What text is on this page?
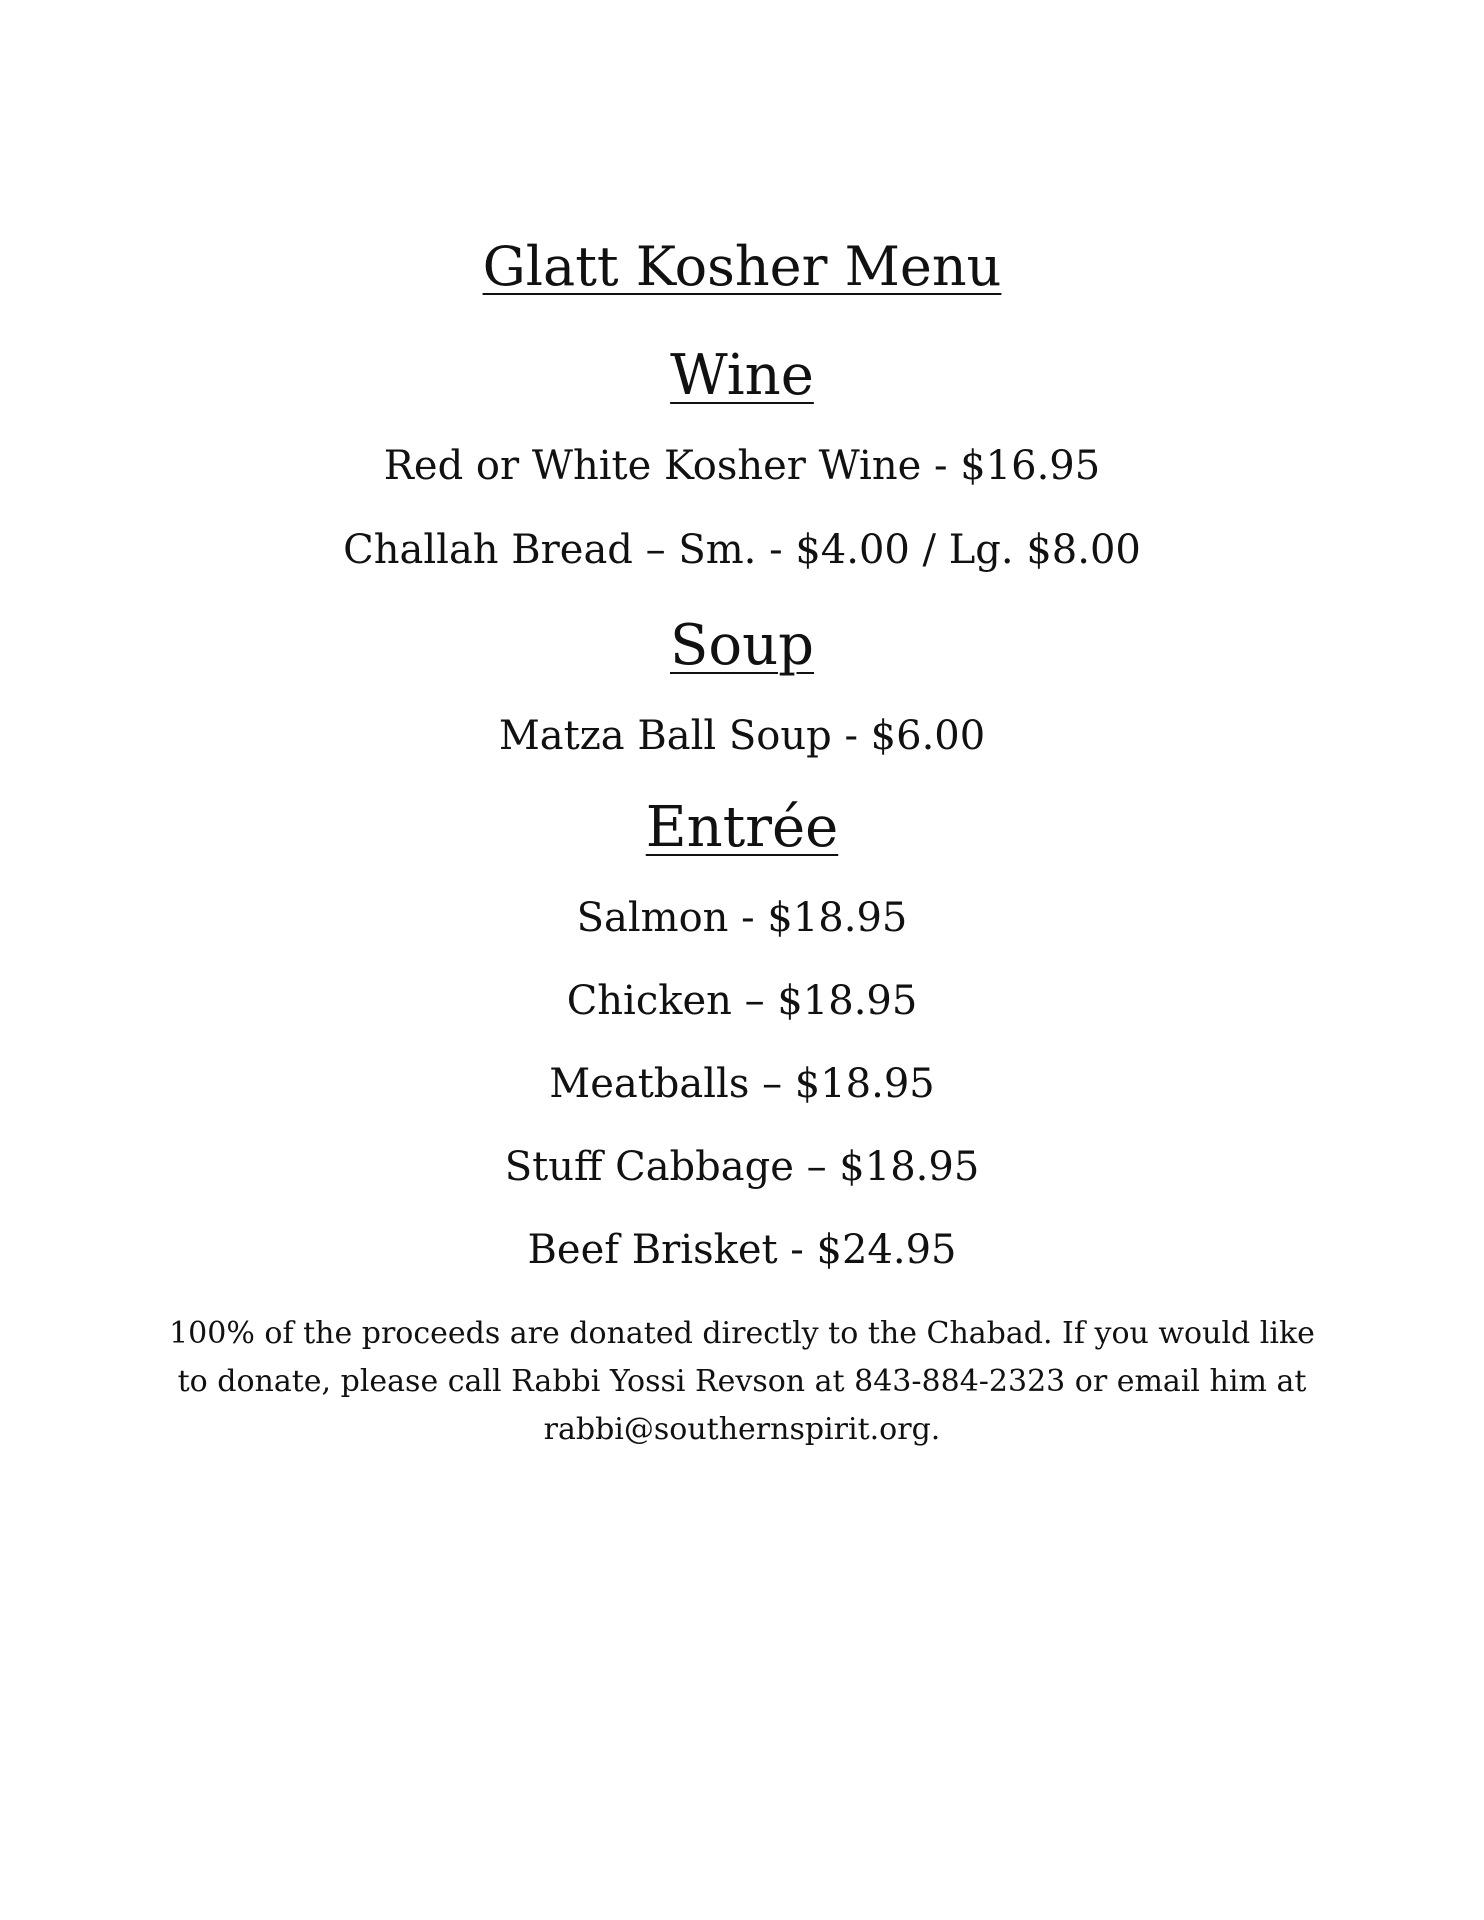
Glatt Kosher Menu
Wine
Red or White Kosher Wine - $16.95
Challah Bread – Sm. - $4.00 / Lg. $8.00
Soup
Matza Ball Soup - $6.00
Entrée
Salmon - $18.95
Chicken – $18.95
Meatballs – $18.95
Stuff Cabbage – $18.95
Beef Brisket - $24.95
100% of the proceeds are donated directly to the Chabad. If you would like
to donate, please call Rabbi Yossi Revson at 843-884-2323 or email him at
rabbi@southernspirit.org.
